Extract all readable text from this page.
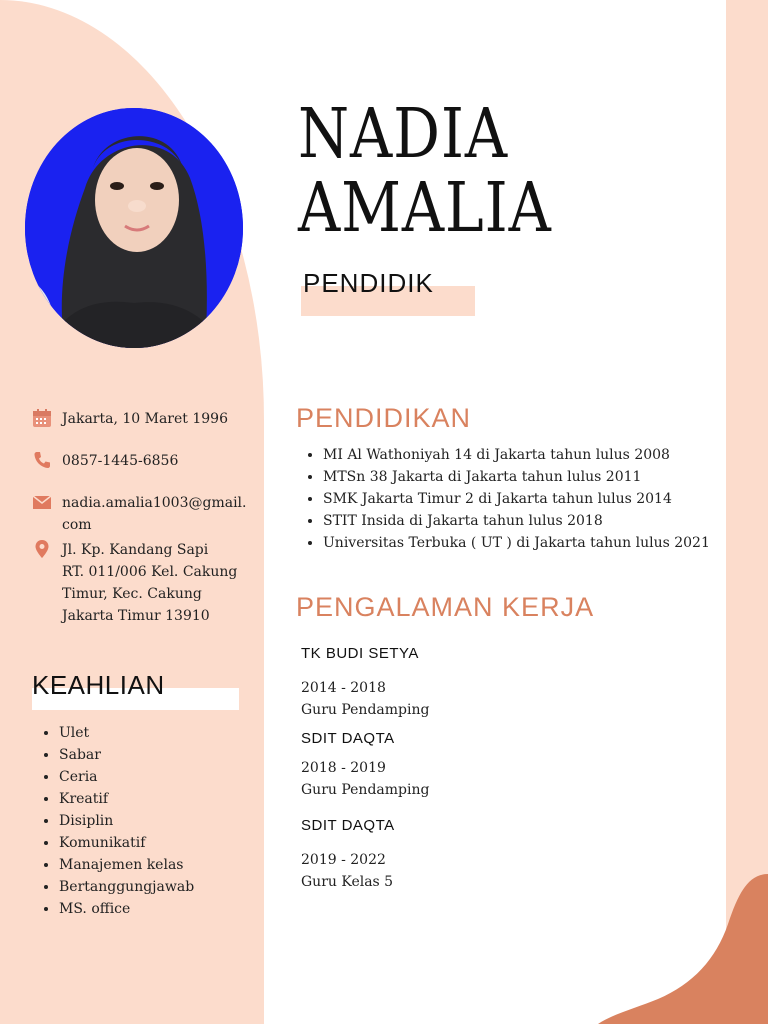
NADIA
AMALIA
PENDIDIK
Jakarta, 10 Maret 1996
0857-1445-6856
nadia.amalia1003@gmail.
com
Jl. Kp. Kandang Sapi
RT. 011/006 Kel. Cakung
Timur, Kec. Cakung
Jakarta Timur 13910
KEAHLIAN
• Ulet
• Sabar
• Ceria
• Kreatif
• Disiplin
• Komunikatif
• Manajemen kelas
• Bertanggungjawab
• MS. office
PENDIDIKAN
• MI Al Wathoniyah 14 di Jakarta tahun lulus 2008
• MTSn 38 Jakarta di Jakarta tahun lulus 2011
• SMK Jakarta Timur 2 di Jakarta tahun lulus 2014
• STIT Insida di Jakarta tahun lulus 2018
• Universitas Terbuka ( UT ) di Jakarta tahun lulus 2021
PENGALAMAN KERJA
TK BUDI SETYA
2014 - 2018
Guru Pendamping
SDIT DAQTA
2018 - 2019
Guru Pendamping
SDIT DAQTA
2019 - 2022
Guru Kelas 5
